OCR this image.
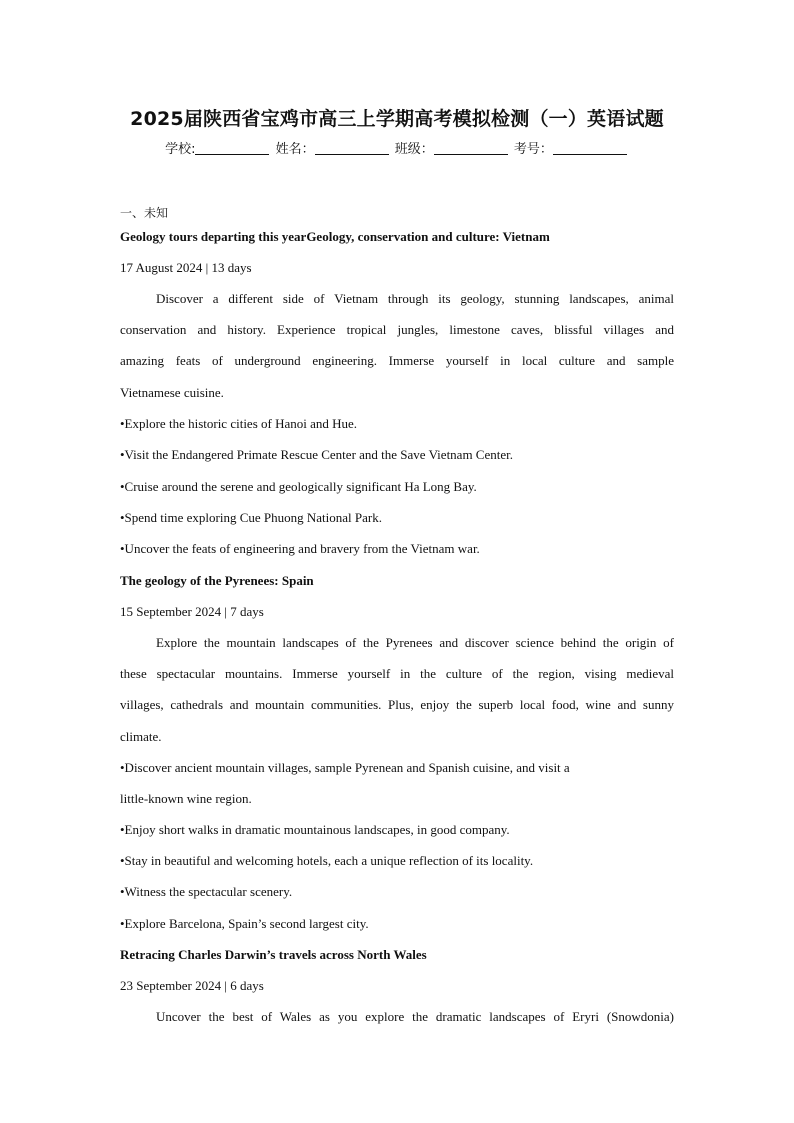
2025届陕西省宝鸡市高三上学期高考模拟检测（一）英语试题
学校:	姓名：	班级：	考号：
一、未知
Geology tours departing this yearGeology, conservation and culture: Vietnam
17 August 2024 | 13 days
Discover a different side of Vietnam through its geology, stunning landscapes, animal
conservation and history. Experience tropical jungles, limestone caves, blissful villages and
amazing feats of underground engineering. Immerse yourself in local culture and sample
Vietnamese cuisine.
•Explore the historic cities of Hanoi and Hue.
•Visit the Endangered Primate Rescue Center and the Save Vietnam Center.
•Cruise around the serene and geologically significant Ha Long Bay.
•Spend time exploring Cue Phuong National Park.
•Uncover the feats of engineering and bravery from the Vietnam war.
The geology of the Pyrenees: Spain
15 September 2024 | 7 days
Explore the mountain landscapes of the Pyrenees and discover science behind the origin of
these spectacular mountains. Immerse yourself in the culture of the region, vising medieval
villages, cathedrals and mountain communities. Plus, enjoy the superb local food, wine and sunny
climate.
•Discover ancient mountain villages, sample Pyrenean and Spanish cuisine, and visit a
little-known wine region.
•Enjoy short walks in dramatic mountainous landscapes, in good company.
•Stay in beautiful and welcoming hotels, each a unique reflection of its locality.
•Witness the spectacular scenery.
•Explore Barcelona, Spain’s second largest city.
Retracing Charles Darwin’s travels across North Wales
23 September 2024 | 6 days
Uncover the best of Wales as you explore the dramatic landscapes of Eryri (Snowdonia)
